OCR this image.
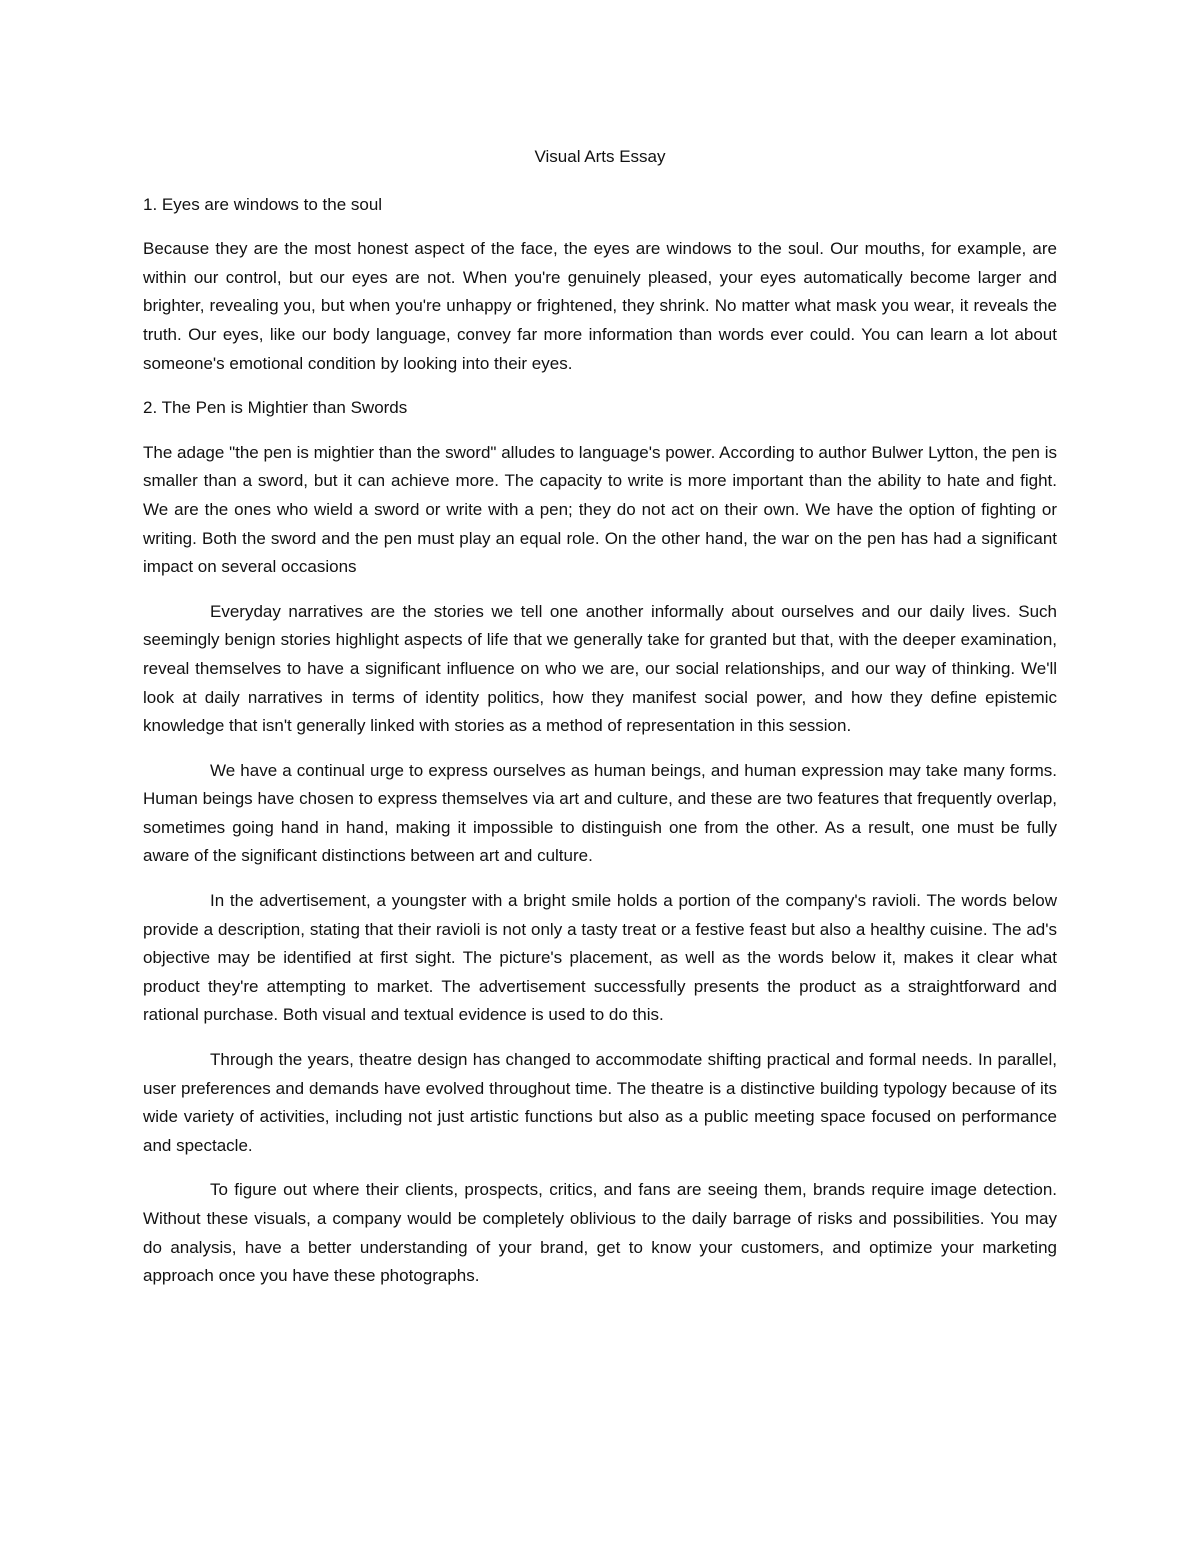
Visual Arts Essay
1. Eyes are windows to the soul

Because they are the most honest aspect of the face, the eyes are windows to the soul. Our mouths, for example, are within our control, but our eyes are not. When you're genuinely pleased, your eyes automatically become larger and brighter, revealing you, but when you're unhappy or frightened, they shrink. No matter what mask you wear, it reveals the truth. Our eyes, like our body language, convey far more information than words ever could. You can learn a lot about someone's emotional condition by looking into their eyes.

2. The Pen is Mightier than Swords

The adage "the pen is mightier than the sword" alludes to language's power. According to author Bulwer Lytton, the pen is smaller than a sword, but it can achieve more. The capacity to write is more important than the ability to hate and fight. We are the ones who wield a sword or write with a pen; they do not act on their own. We have the option of fighting or writing. Both the sword and the pen must play an equal role. On the other hand, the war on the pen has had a significant impact on several occasions

Everyday narratives are the stories we tell one another informally about ourselves and our daily lives. Such seemingly benign stories highlight aspects of life that we generally take for granted but that, with the deeper examination, reveal themselves to have a significant influence on who we are, our social relationships, and our way of thinking. We'll look at daily narratives in terms of identity politics, how they manifest social power, and how they define epistemic knowledge that isn't generally linked with stories as a method of representation in this session.

We have a continual urge to express ourselves as human beings, and human expression may take many forms. Human beings have chosen to express themselves via art and culture, and these are two features that frequently overlap, sometimes going hand in hand, making it impossible to distinguish one from the other. As a result, one must be fully aware of the significant distinctions between art and culture.

In the advertisement, a youngster with a bright smile holds a portion of the company's ravioli. The words below provide a description, stating that their ravioli is not only a tasty treat or a festive feast but also a healthy cuisine. The ad's objective may be identified at first sight. The picture's placement, as well as the words below it, makes it clear what product they're attempting to market. The advertisement successfully presents the product as a straightforward and rational purchase. Both visual and textual evidence is used to do this.

Through the years, theatre design has changed to accommodate shifting practical and formal needs. In parallel, user preferences and demands have evolved throughout time. The theatre is a distinctive building typology because of its wide variety of activities, including not just artistic functions but also as a public meeting space focused on performance and spectacle.

To figure out where their clients, prospects, critics, and fans are seeing them, brands require image detection. Without these visuals, a company would be completely oblivious to the daily barrage of risks and possibilities. You may do analysis, have a better understanding of your brand, get to know your customers, and optimize your marketing approach once you have these photographs.
